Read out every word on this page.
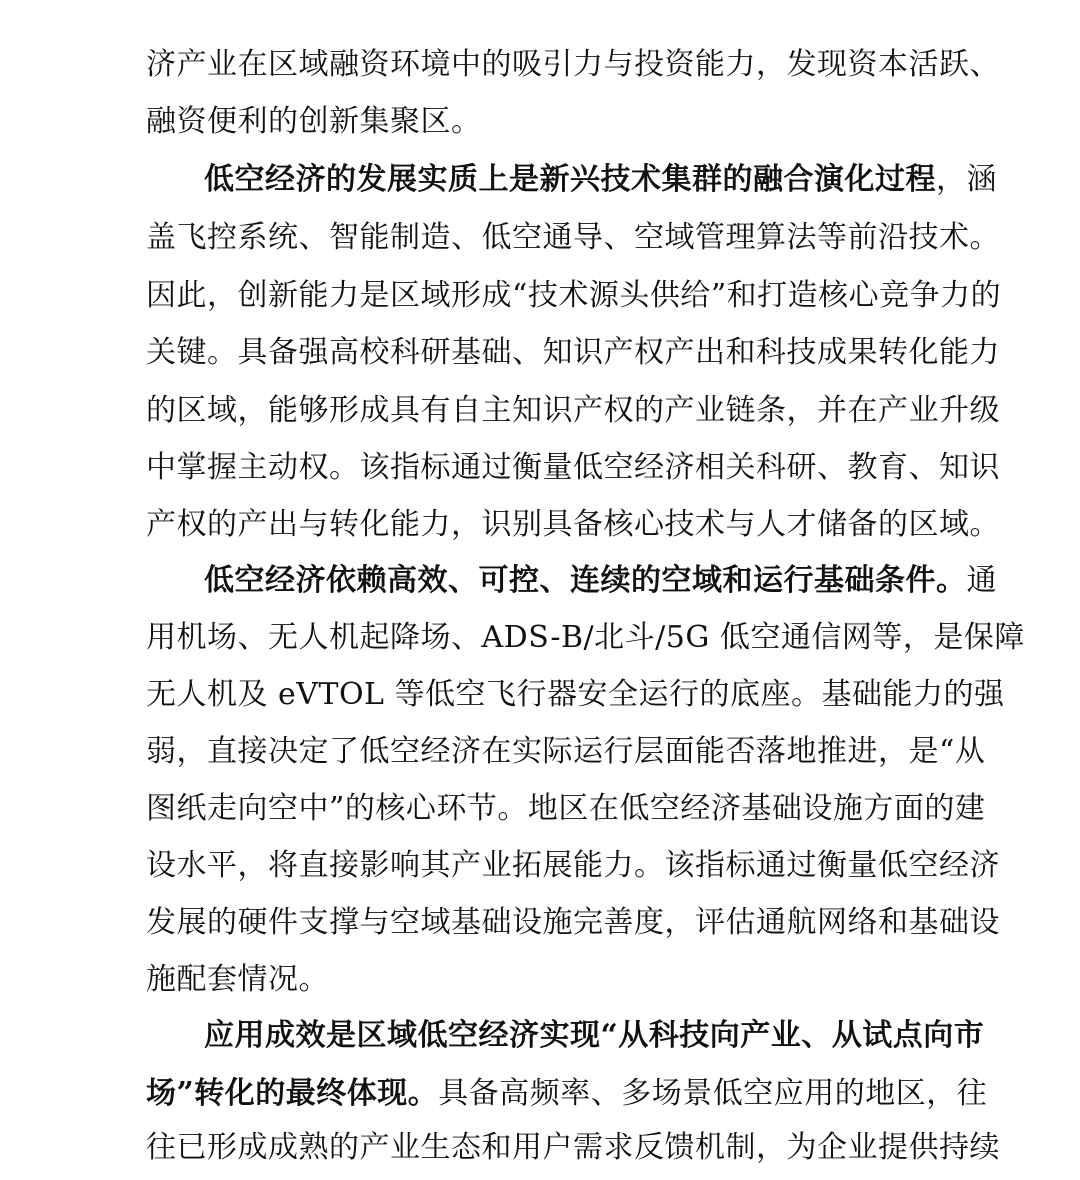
济产业在区域融资环境中的吸引力与投资能力，发现资本活跃、
融资便利的创新集聚区。
低空经济的发展实质上是新兴技术集群的融合演化过程，涵
盖飞控系统、智能制造、低空通导、空域管理算法等前沿技术。
因此，创新能力是区域形成“技术源头供给”和打造核心竞争力的
关键。具备强高校科研基础、知识产权产出和科技成果转化能力
的区域，能够形成具有自主知识产权的产业链条，并在产业升级
中掌握主动权。该指标通过衡量低空经济相关科研、教育、知识
产权的产出与转化能力，识别具备核心技术与人才储备的区域。
低空经济依赖高效、可控、连续的空域和运行基础条件。通
用机场、无人机起降场、ADS-B/北斗/5G 低空通信网等，是保障
无人机及 eVTOL 等低空飞行器安全运行的底座。基础能力的强
弱，直接决定了低空经济在实际运行层面能否落地推进，是“从
图纸走向空中”的核心环节。地区在低空经济基础设施方面的建
设水平，将直接影响其产业拓展能力。该指标通过衡量低空经济
发展的硬件支撑与空域基础设施完善度，评估通航网络和基础设
施配套情况。
应用成效是区域低空经济实现“从科技向产业、从试点向市
场”转化的最终体现。具备高频率、多场景低空应用的地区，往
往已形成成熟的产业生态和用户需求反馈机制，为企业提供持续
